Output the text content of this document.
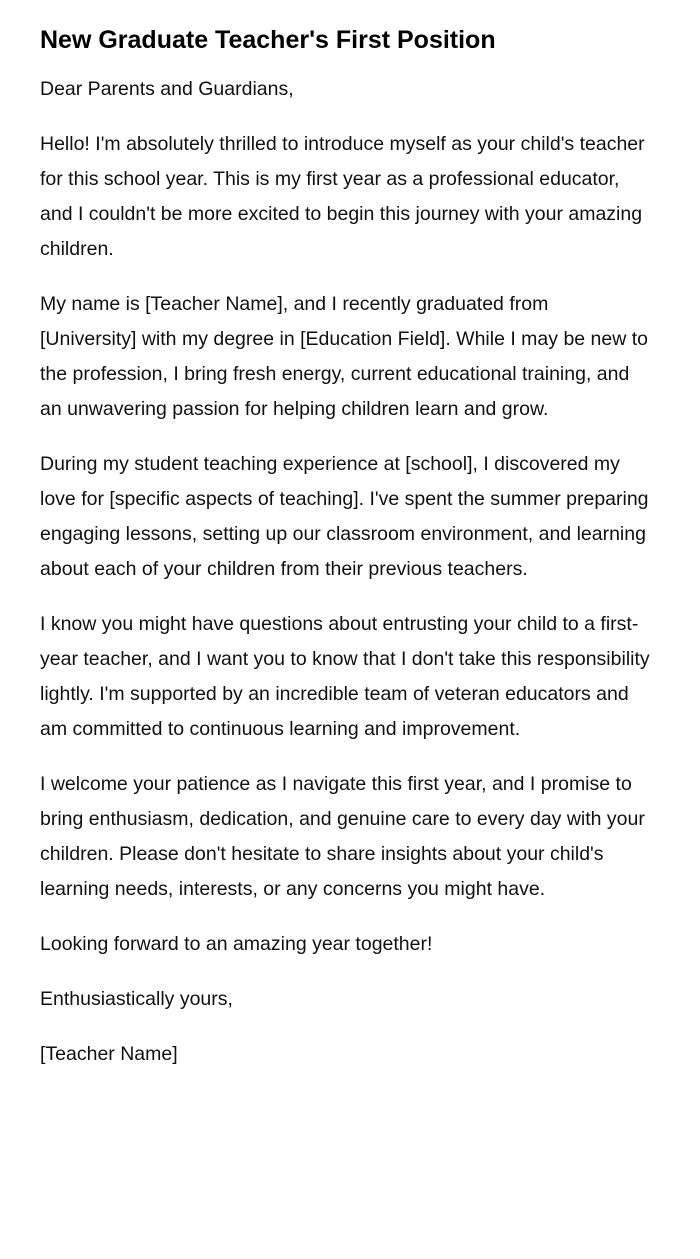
New Graduate Teacher's First Position

Dear Parents and Guardians,

Hello! I'm absolutely thrilled to introduce myself as your child's teacher for this school year. This is my first year as a professional educator, and I couldn't be more excited to begin this journey with your amazing children.

My name is [Teacher Name], and I recently graduated from [University] with my degree in [Education Field]. While I may be new to the profession, I bring fresh energy, current educational training, and an unwavering passion for helping children learn and grow.

During my student teaching experience at [school], I discovered my love for [specific aspects of teaching]. I've spent the summer preparing engaging lessons, setting up our classroom environment, and learning about each of your children from their previous teachers.

I know you might have questions about entrusting your child to a first-year teacher, and I want you to know that I don't take this responsibility lightly. I'm supported by an incredible team of veteran educators and am committed to continuous learning and improvement.

I welcome your patience as I navigate this first year, and I promise to bring enthusiasm, dedication, and genuine care to every day with your children. Please don't hesitate to share insights about your child's learning needs, interests, or any concerns you might have.

Looking forward to an amazing year together!

Enthusiastically yours,

[Teacher Name]
